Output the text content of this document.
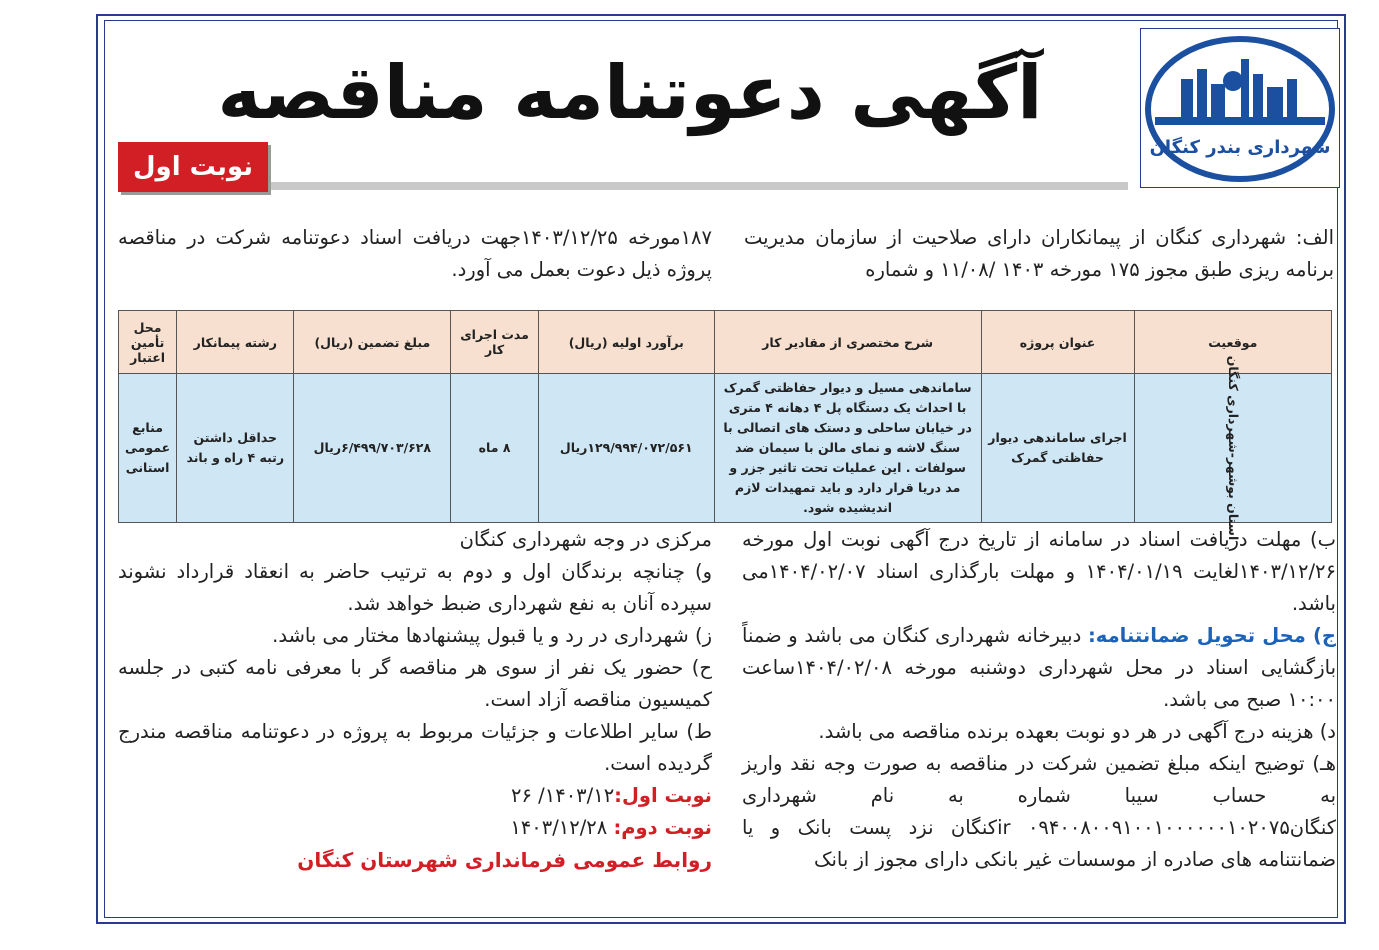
شهرداری بندر کنگان
آگهی دعوتنامه مناقصه
نوبت اول
الف: شهرداری کنگان از پیمانکاران دارای صلاحیت از سازمان مدیریت برنامه ریزی طبق مجوز ۱۷۵ مورخه ۱۴۰۳ /۱۱/۰۸ و شماره
۱۸۷مورخه ۱۴۰۳/۱۲/۲۵جهت دریافت اسناد دعوتنامه شرکت در مناقصه پروژه ذیل دعوت بعمل می آورد.
موقعیت	عنوان پروژه	شرح مختصری از مقادیر کار	برآورد اولیه (ریال)	مدت اجرای کار	مبلغ تضمین (ریال)	رشته پیمانکار	محل تأمین اعتبار
استان بوشهر-شهرداری کنگان	اجرای ساماندهی دیوار حفاظتی گمرک	ساماندهی مسیل و دیوار حفاظتی گمرک با احداث یک دستگاه پل ۴ دهانه ۴ متری در خیابان ساحلی و دستک های اتصالی با سنگ لاشه و نمای مالن با سیمان ضد سولفات . این عملیات تحت تاثیر جزر و مد دریا قرار دارد و باید تمهیدات لازم اندیشیده شود.	۱۲۹/۹۹۴/۰۷۲/۵۶۱ریال	۸ ماه	۶/۴۹۹/۷۰۳/۶۲۸ریال	حداقل داشتن رتبه ۴ راه و باند	منابع عمومی استانی

ب) مهلت دریافت اسناد در سامانه از تاریخ درج آگهی نوبت اول مورخه ۱۴۰۳/۱۲/۲۶لغایت ۱۴۰۴/۰۱/۱۹ و مهلت بارگذاری اسناد ۱۴۰۴/۰۲/۰۷می باشد.

ج) محل تحویل ضمانتنامه: دبیرخانه شهرداری کنگان می باشد و ضمناً بازگشایی اسناد در محل شهرداری دوشنبه مورخه ۱۴۰۴/۰۲/۰۸ساعت ۱۰:۰۰ صبح می باشد.

د) هزینه درج آگهی در هر دو نوبت بعهده برنده مناقصه می باشد.

هـ) توضیح اینکه مبلغ تضمین شرکت در مناقصه به صورت وجه نقد واریز به حساب سیبا شماره به نام شهرداری کنگان۰۹۴۰۰۸۰۰۹۱۰۰۱۰۰۰۰۰۰۱۰۲۰۷۵ irکنگان نزد پست بانک و یا ضمانتنامه های صادره از موسسات غیر بانکی دارای مجوز از بانک

مرکزی در وجه شهرداری کنگان

و) چنانچه برندگان اول و دوم به ترتیب حاضر به انعقاد قرارداد نشوند سپرده آنان به نفع شهرداری ضبط خواهد شد.

ز) شهرداری در رد و یا قبول پیشنهادها مختار می باشد.

ح) حضور یک نفر از سوی هر مناقصه گر با معرفی نامه کتبی در جلسه کمیسیون مناقصه آزاد است.

ط) سایر اطلاعات و جزئیات مربوط به پروژه در دعوتنامه مناقصه مندرج گردیده است.

نوبت اول:۱۴۰۳/۱۲/ ۲۶

نوبت دوم: ۱۴۰۳/۱۲/۲۸

روابط عمومی فرمانداری شهرستان کنگان
